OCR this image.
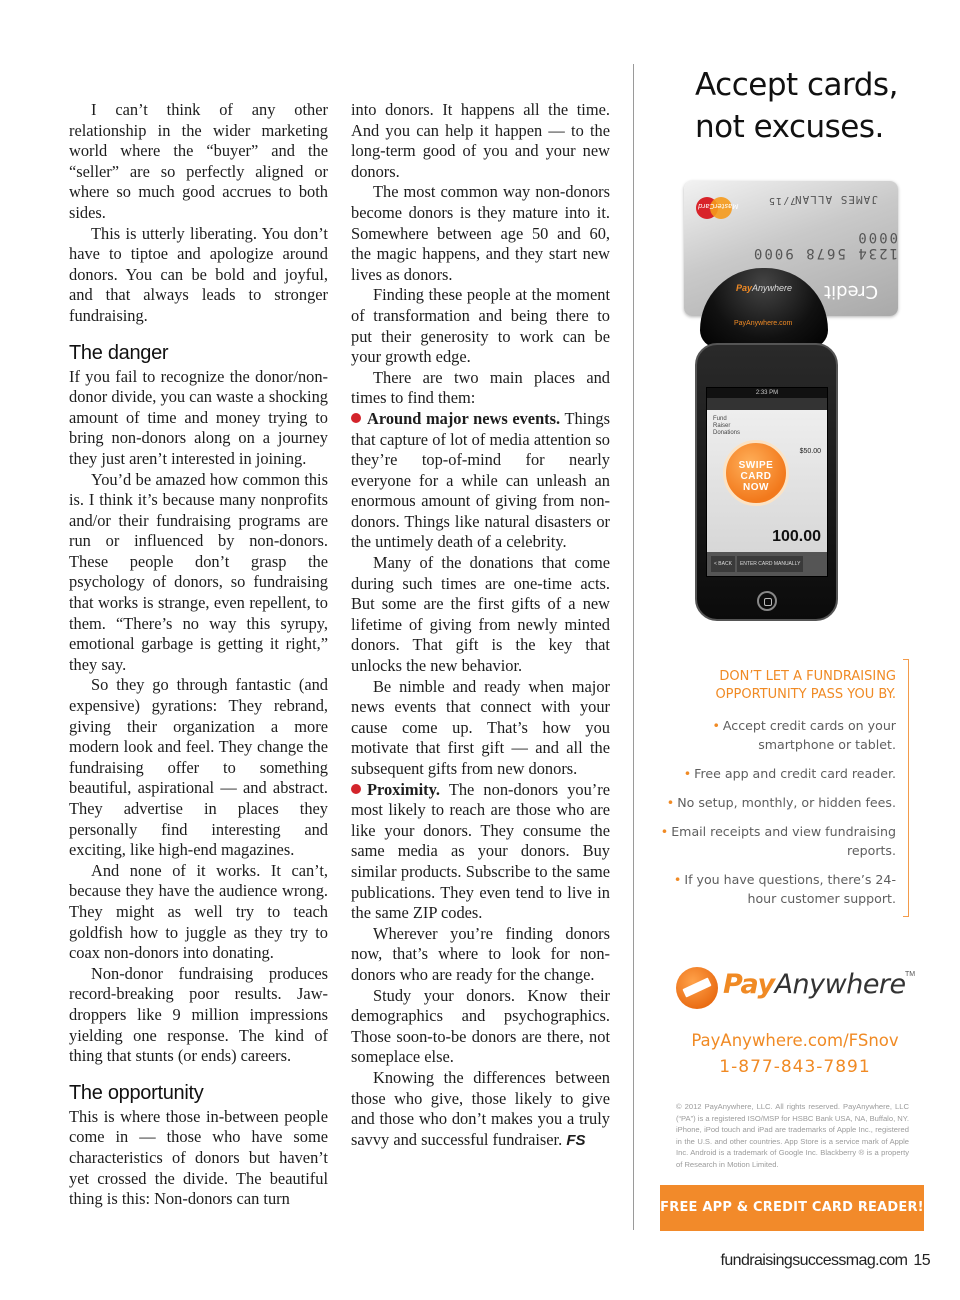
I can’t think of any other relationship in the wider marketing world where the “buyer” and the “seller” are so perfectly aligned or where so much good accrues to both sides.

This is utterly liberating. You don’t have to tiptoe and apologize around donors. You can be bold and joyful, and that always leads to stronger fundraising.

The danger

If you fail to recognize the donor/non-donor divide, you can waste a shocking amount of time and money trying to bring non-donors along on a journey they just aren’t interested in joining.

You’d be amazed how common this is. I think it’s because many nonprofits and/or their fundraising programs are run or influenced by non-donors. These people don’t grasp the psychology of donors, so fundraising that works is strange, even repellent, to them. “There’s no way this syrupy, emotional garbage is getting it right,” they say.

So they go through fantastic (and expensive) gyrations: They rebrand, giving their organization a more modern look and feel. They change the fundraising offer to something beautiful, aspirational — and abstract. They advertise in places they personally find interesting and exciting, like high-end magazines.

And none of it works. It can’t, because they have the audience wrong. They might as well try to teach goldfish how to juggle as they try to coax non-donors into donating.

Non-donor fundraising produces record-breaking poor results. Jaw-droppers like 9 million impressions yielding one response. The kind of thing that stunts (or ends) careers.

The opportunity

This is where those in-between people come in — those who have some characteristics of donors but haven’t yet crossed the divide. The beautiful thing is this: Non-donors can turn

into donors. It happens all the time. And you can help it happen — to the long-term good of you and your new donors.

The most common way non-donors become donors is they mature into it. Somewhere between age 50 and 60, the magic happens, and they start new lives as donors.

Finding these people at the moment of transformation and being there to put their generosity to work can be your growth edge.

There are two main places and times to find them:

Around major news events. Things that capture of lot of media attention so they’re top-of-mind for nearly everyone for a while can unleash an enormous amount of giving from non-donors. Things like natural disasters or the untimely death of a celebrity.

Many of the donations that come during such times are one-time acts. But some are the first gifts of a new lifetime of giving from newly minted donors. That gift is the key that unlocks the new behavior.

Be nimble and ready when major news events that connect with your cause come up. That’s how you motivate that first gift — and all the subsequent gifts from new donors.

Proximity. The non-donors you’re most likely to reach are those who are like your donors. They consume the same media as your donors. Buy similar products. Subscribe to the same publications. They even tend to live in the same ZIP codes.

Wherever you’re finding donors now, that’s where to look for non-donors who are ready for the change.

Study your donors. Know their demographics and psychographics. Those soon-to-be donors are there, not someplace else.

Knowing the differences between those who give, those likely to give and those who don’t makes you a truly savvy and successful fundraiser. FS

Accept cards,
not excuses.
MasterCard	JAMES ALLAN
7/15
1234 5678 9000 0000
Credit
PayAnywhere
PayAnywhere.com
2:33 PM
Fund
Raiser
Donations
$50.00
SWIPE
CARD NOW
100.00
< BACK	ENTER CARD MANUALLY
DON’T LET A FUNDRAISING
OPPORTUNITY PASS YOU BY.
• Accept credit cards on your smartphone or tablet.
• Free app and credit card reader.
• No setup, monthly, or hidden fees.
• Email receipts and view fundraising reports.
• If you have questions, there’s 24-hour customer support.
PayAnywhere TM
PayAnywhere.com/FSnov
1-877-843-7891
© 2012 PayAnywhere, LLC. All rights reserved. PayAnywhere, LLC (“PA”) is a registered ISO/MSP for HSBC Bank USA, NA, Buffalo, NY. iPhone, iPod touch and iPad are trademarks of Apple Inc., registered in the U.S. and other countries. App Store is a service mark of Apple Inc. Android is a trademark of Google Inc. Blackberry ® is a property of Research in Motion Limited.
FREE APP & CREDIT CARD READER!
fundraisingsuccessmag.com 15
